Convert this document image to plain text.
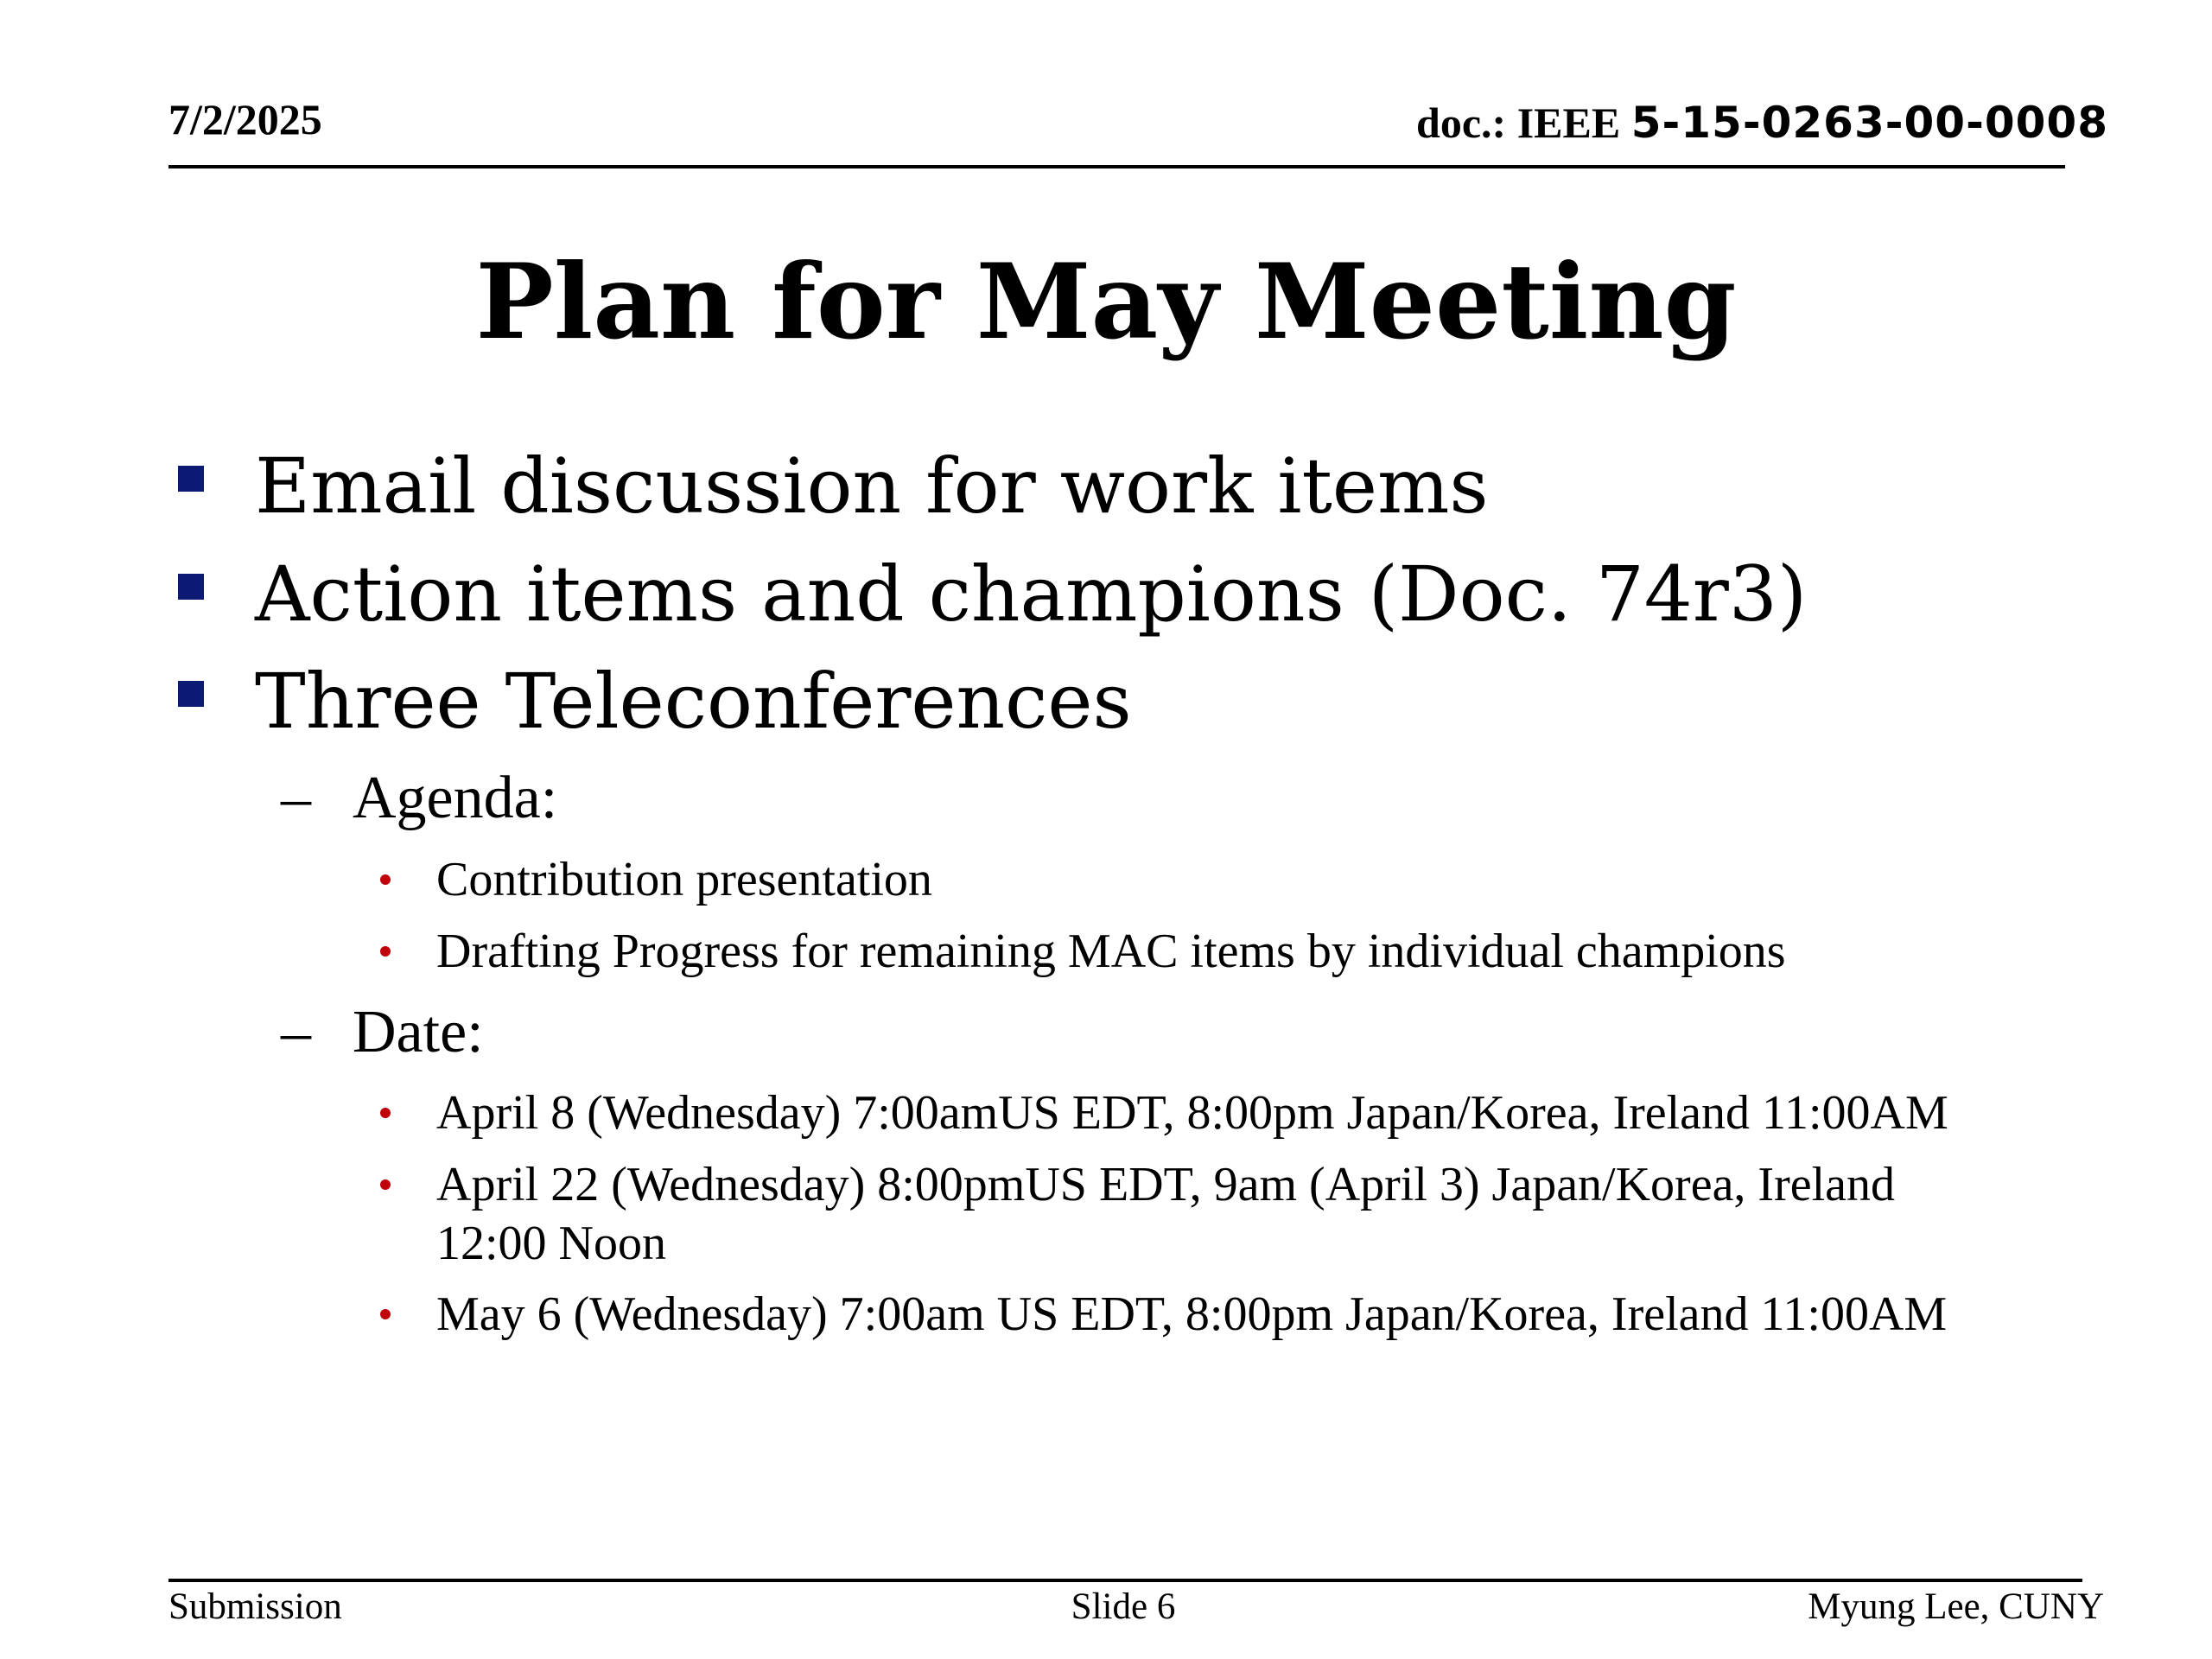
7/2/2025	doc.: IEEE 5-15-0263-00-0008
Plan for May Meeting
Email discussion for work items
Action items and champions (Doc. 74r3)
Three Teleconferences
– Agenda:
Contribution presentation
Drafting Progress for remaining MAC items by individual champions
– Date:
April 8 (Wednesday) 7:00amUS EDT, 8:00pm Japan/Korea, Ireland 11:00AM
April 22 (Wednesday) 8:00pmUS EDT, 9am (April 3) Japan/Korea, Ireland
12:00 Noon
May 6 (Wednesday) 7:00am US EDT, 8:00pm Japan/Korea, Ireland 11:00AM
Submission	Slide 6	Myung Lee, CUNY
